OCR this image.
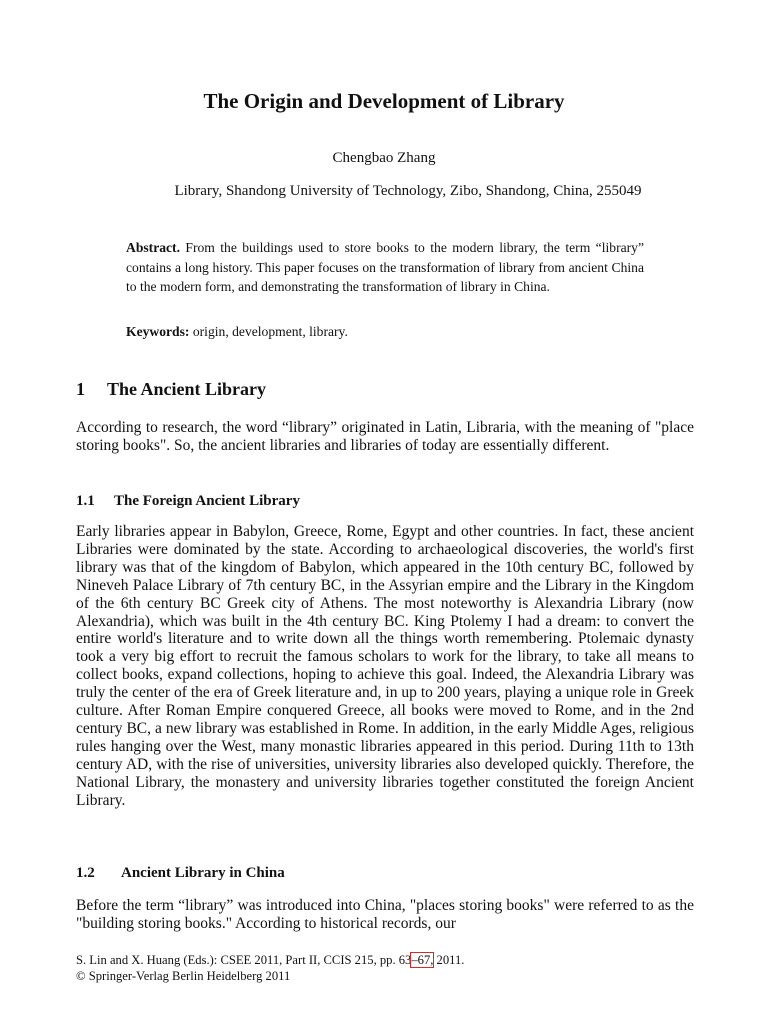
The Origin and Development of Library
Chengbao Zhang
Library, Shandong University of Technology, Zibo, Shandong, China, 255049

Abstract. From the buildings used to store books to the modern library, the term “library” contains a long history. This paper focuses on the transformation of library from ancient China to the modern form, and demonstrating the transformation of library in China.

Keywords: origin, development, library.

1 The Ancient Library

According to research, the word “library” originated in Latin, Libraria, with the meaning of "place storing books". So, the ancient libraries and libraries of today are essentially different.

1.1 The Foreign Ancient Library

Early libraries appear in Babylon, Greece, Rome, Egypt and other countries. In fact, these ancient Libraries were dominated by the state. According to archaeological discoveries, the world's first library was that of the kingdom of Babylon, which appeared in the 10th century BC, followed by Nineveh Palace Library of 7th century BC, in the Assyrian empire and the Library in the Kingdom of the 6th century BC Greek city of Athens. The most noteworthy is Alexandria Library (now Alexandria), which was built in the 4th century BC. King Ptolemy I had a dream: to convert the entire world's literature and to write down all the things worth remembering. Ptolemaic dynasty took a very big effort to recruit the famous scholars to work for the library, to take all means to collect books, expand collections, hoping to achieve this goal. Indeed, the Alexandria Library was truly the center of the era of Greek literature and, in up to 200 years, playing a unique role in Greek culture. After Roman Empire conquered Greece, all books were moved to Rome, and in the 2nd century BC, a new library was established in Rome. In addition, in the early Middle Ages, religious rules hanging over the West, many monastic libraries appeared in this period. During 11th to 13th century AD, with the rise of universities, university libraries also developed quickly. Therefore, the National Library, the monastery and university libraries together constituted the foreign Ancient Library.

1.2 Ancient Library in China

Before the term “library” was introduced into China, "places storing books" were referred to as the "building storing books." According to historical records, our

S. Lin and X. Huang (Eds.): CSEE 2011, Part II, CCIS 215, pp. 63–67, 2011.
© Springer-Verlag Berlin Heidelberg 2011
